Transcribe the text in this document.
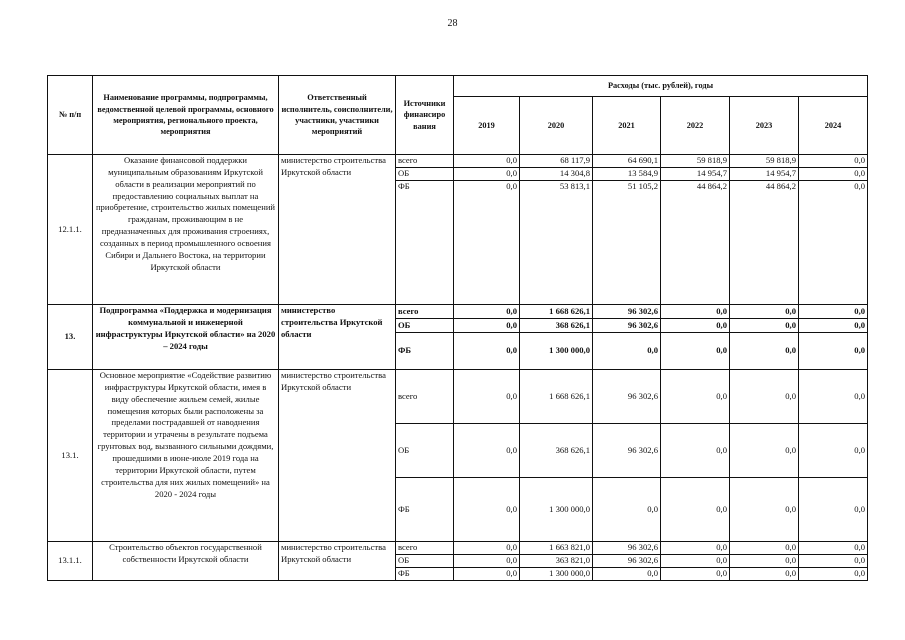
28
№ п/п	Наименование программы, подпрограммы, ведомственной целевой программы, основного мероприятия, регионального проекта, мероприятия	Ответственный исполнитель, соисполнители, участники, участники мероприятий	Источники финансиро вания	Расходы (тыс. рублей), годы					
				2019	2020	2021	2022	2023	2024
12.1.1.	Оказание финансовой поддержки муниципальным образованиям Иркутской области в реализации мероприятий по предоставлению социальных выплат на приобретение, строительство жилых помещений гражданам, проживающим в не предназначенных для проживания строениях, созданных в период промышленного освоения Сибири и Дальнего Востока, на территории Иркутской области	министерство строительства Иркутской области	всего	0,0	68 117,9	64 690,1	59 818,9	59 818,9	0,0
			ОБ	0,0	14 304,8	13 584,9	14 954,7	14 954,7	0,0
			ФБ	0,0	53 813,1	51 105,2	44 864,2	44 864,2	0,0
13.	Подпрограмма «Поддержка и модернизация коммунальной и инженерной инфраструктуры Иркутской области» на 2020 – 2024 годы	министерство строительства Иркутской области	всего	0,0	1 668 626,1	96 302,6	0,0	0,0	0,0
			ОБ	0,0	368 626,1	96 302,6	0,0	0,0	0,0
			ФБ	0,0	1 300 000,0	0,0	0,0	0,0	0,0
13.1.	Основное мероприятие «Содействие развитию инфраструктуры Иркутской области, имея в виду обеспечение жильем семей, жилые помещения которых были расположены за пределами пострадавшей от наводнения территории и утрачены в результате подъема грунтовых вод, вызванного сильными дождями, прошедшими в июне-июле 2019 года на территории Иркутской области, путем строительства для них жилых помещений» на 2020 - 2024 годы	министерство строительства Иркутской области	всего	0,0	1 668 626,1	96 302,6	0,0	0,0	0,0
			ОБ	0,0	368 626,1	96 302,6	0,0	0,0	0,0
			ФБ	0,0	1 300 000,0	0,0	0,0	0,0	0,0
13.1.1.	Строительство объектов государственной собственности Иркутской области	министерство строительства Иркутской области	всего	0,0	1 663 821,0	96 302,6	0,0	0,0	0,0
			ОБ	0,0	363 821,0	96 302,6	0,0	0,0	0,0
			ФБ	0,0	1 300 000,0	0,0	0,0	0,0	0,0
